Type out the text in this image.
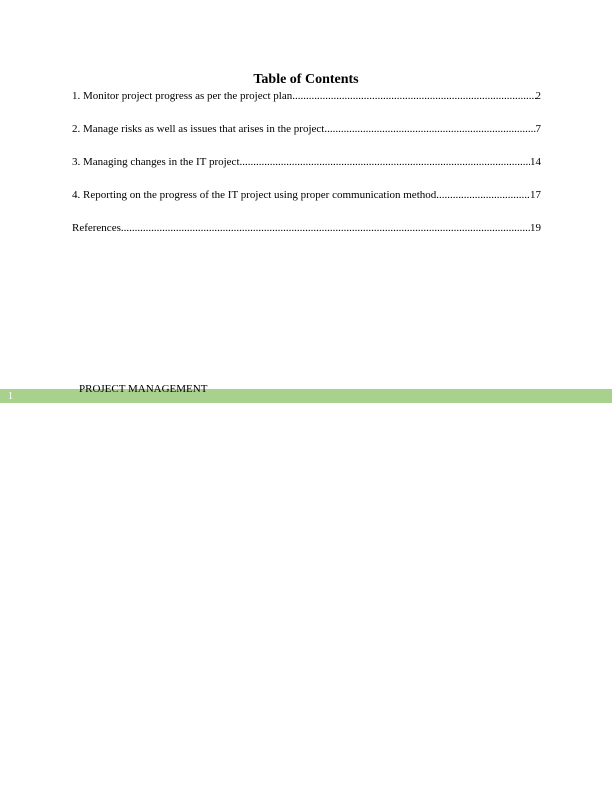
Table of Contents
1. Monitor project progress as per the project plan .....	2
2. Manage risks as well as issues that arises in the project .....	7
3. Managing changes in the IT project .....	14
4. Reporting on the progress of the IT project using proper communication method .....	17
References .....	19
1
PROJECT MANAGEMENT
